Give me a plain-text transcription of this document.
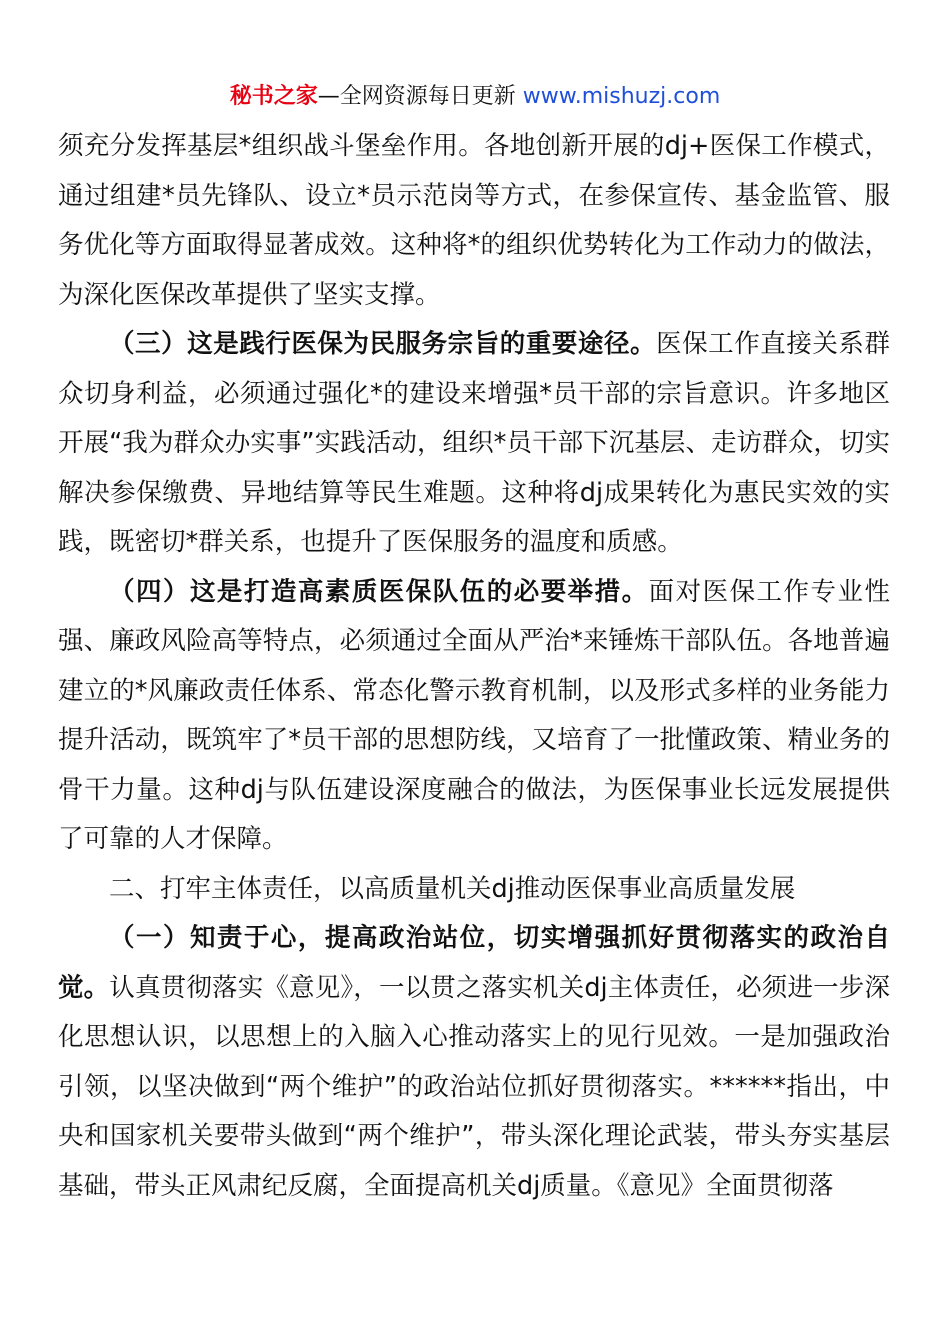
秘书之家—全网资源每日更新 www.mishuzj.com

须充分发挥基层*组织战斗堡垒作用。各地创新开展的dj+医保工作模式，通过组建*员先锋队、设立*员示范岗等方式，在参保宣传、基金监管、服务优化等方面取得显著成效。这种将*的组织优势转化为工作动力的做法，为深化医保改革提供了坚实支撑。

（三）这是践行医保为民服务宗旨的重要途径。医保工作直接关系群众切身利益，必须通过强化*的建设来增强*员干部的宗旨意识。许多地区开展“我为群众办实事”实践活动，组织*员干部下沉基层、走访群众，切实解决参保缴费、异地结算等民生难题。这种将dj成果转化为惠民实效的实践，既密切*群关系，也提升了医保服务的温度和质感。

（四）这是打造高素质医保队伍的必要举措。面对医保工作专业性强、廉政风险高等特点，必须通过全面从严治*来锤炼干部队伍。各地普遍建立的*风廉政责任体系、常态化警示教育机制，以及形式多样的业务能力提升活动，既筑牢了*员干部的思想防线，又培育了一批懂政策、精业务的骨干力量。这种dj与队伍建设深度融合的做法，为医保事业长远发展提供了可靠的人才保障。

二、打牢主体责任，以高质量机关dj推动医保事业高质量发展

（一）知责于心，提高政治站位，切实增强抓好贯彻落实的政治自觉。认真贯彻落实《意见》，一以贯之落实机关dj主体责任，必须进一步深化思想认识，以思想上的入脑入心推动落实上的见行见效。一是加强政治引领，以坚决做到“两个维护”的政治站位抓好贯彻落实。******指出，中央和国家机关要带头做到“两个维护”，带头深化理论武装，带头夯实基层基础，带头正风肃纪反腐，全面提高机关dj质量。《意见》全面贯彻落
